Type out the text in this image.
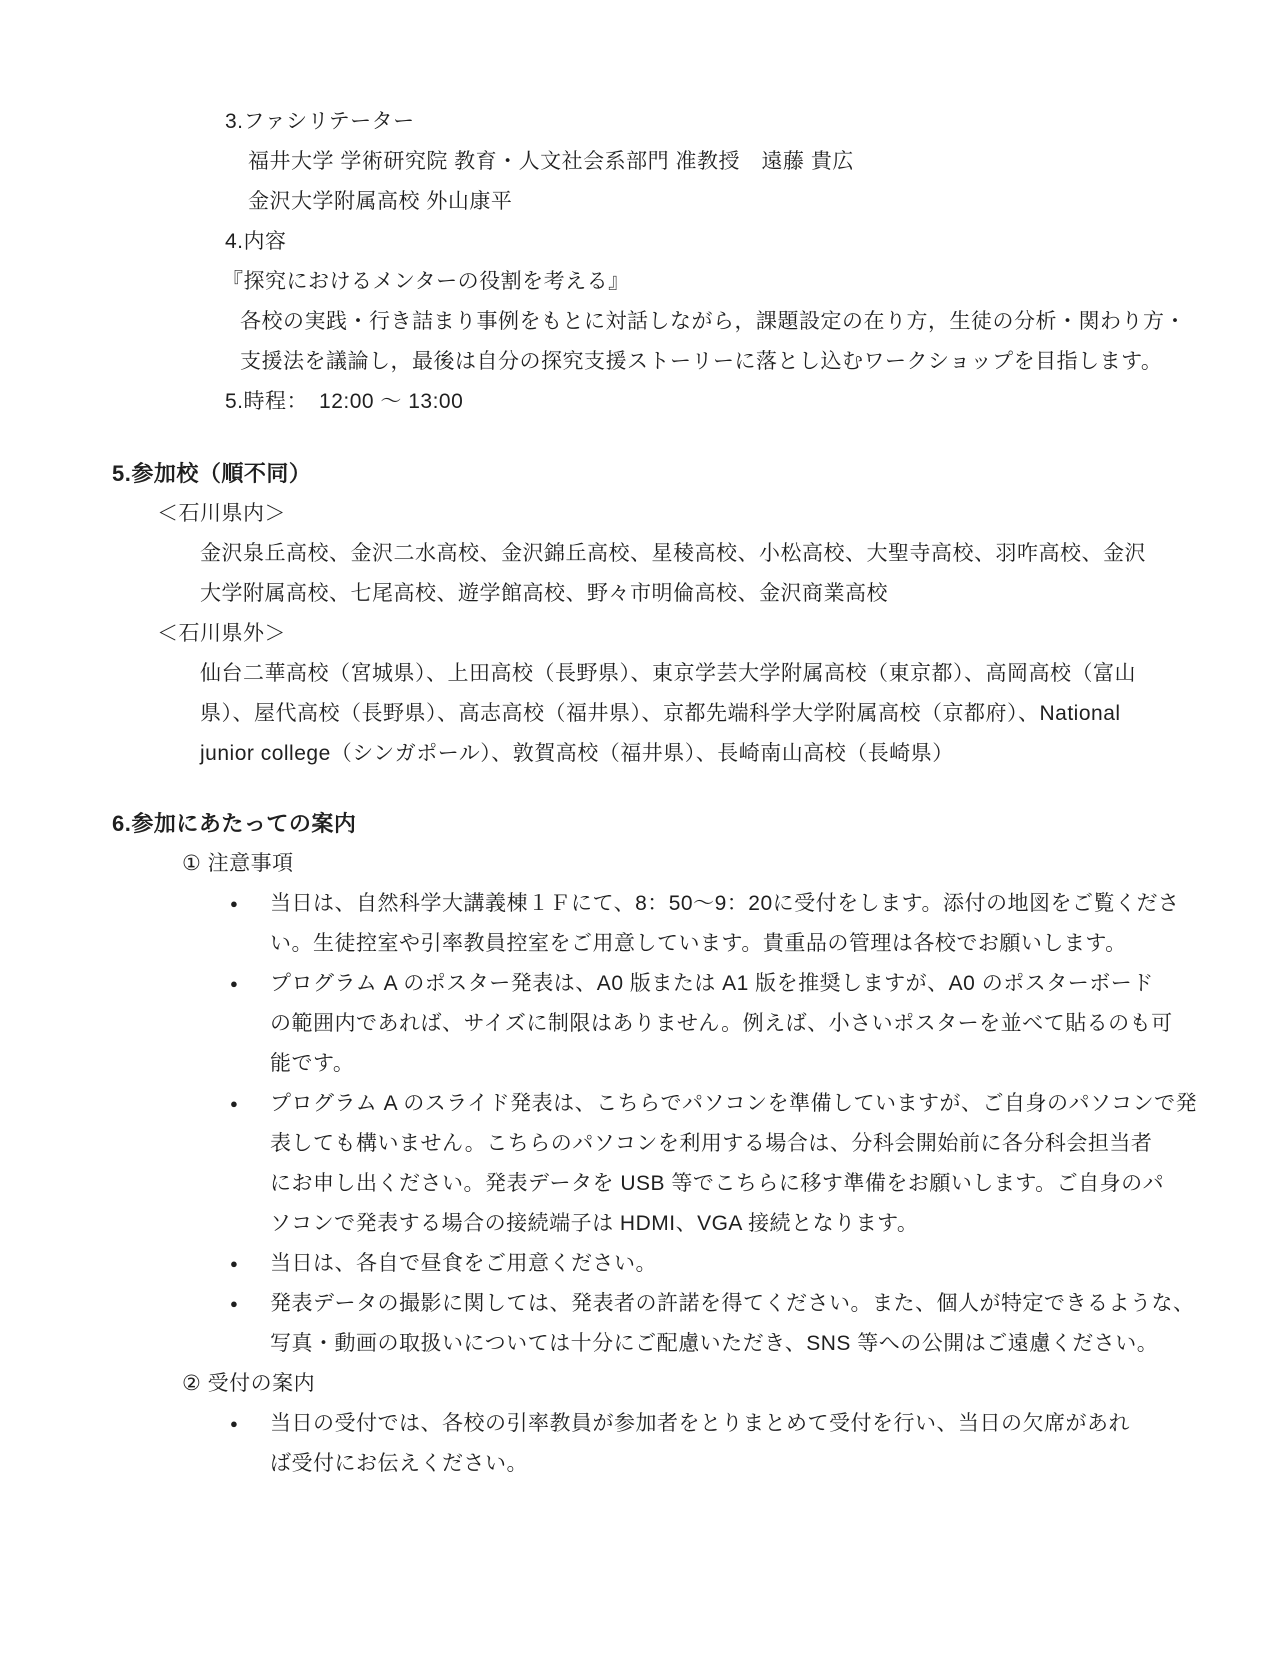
3.ファシリテーター
福井大学 学術研究院 教育・人文社会系部門 准教授　遠藤 貴広
金沢大学附属高校 外山康平
4.内容
『探究におけるメンターの役割を考える』
各校の実践・行き詰まり事例をもとに対話しながら，課題設定の在り方，生徒の分析・関わり方・
支援法を議論し，最後は自分の探究支援ストーリーに落とし込むワークショップを目指します。
5.時程：　12:00 ～ 13:00
5.参加校（順不同）
＜石川県内＞
金沢泉丘高校、金沢二水高校、金沢錦丘高校、星稜高校、小松高校、大聖寺高校、羽咋高校、金沢
大学附属高校、七尾高校、遊学館高校、野々市明倫高校、金沢商業高校
＜石川県外＞
仙台二華高校（宮城県）、上田高校（長野県）、東京学芸大学附属高校（東京都）、高岡高校（富山
県）、屋代高校（長野県）、高志高校（福井県）、京都先端科学大学附属高校（京都府）、National
junior college（シンガポール）、敦賀高校（福井県）、長崎南山高校（長崎県）
6.参加にあたっての案内
① 注意事項
●	当日は、自然科学大講義棟１Ｆにて、8：50～9：20に受付をします。添付の地図をご覧くださ
い。生徒控室や引率教員控室をご用意しています。貴重品の管理は各校でお願いします。
●	プログラム A のポスター発表は、A0 版または A1 版を推奨しますが、A0 のポスターボード
の範囲内であれば、サイズに制限はありません。例えば、小さいポスターを並べて貼るのも可
能です。
●	プログラム A のスライド発表は、こちらでパソコンを準備していますが、ご自身のパソコンで発
表しても構いません。こちらのパソコンを利用する場合は、分科会開始前に各分科会担当者
にお申し出ください。発表データを USB 等でこちらに移す準備をお願いします。ご自身のパ
ソコンで発表する場合の接続端子は HDMI、VGA 接続となります。
●	当日は、各自で昼食をご用意ください。
●	発表データの撮影に関しては、発表者の許諾を得てください。また、個人が特定できるような、
写真・動画の取扱いについては十分にご配慮いただき、SNS 等への公開はご遠慮ください。
② 受付の案内
●	当日の受付では、各校の引率教員が参加者をとりまとめて受付を行い、当日の欠席があれ
ば受付にお伝えください。
